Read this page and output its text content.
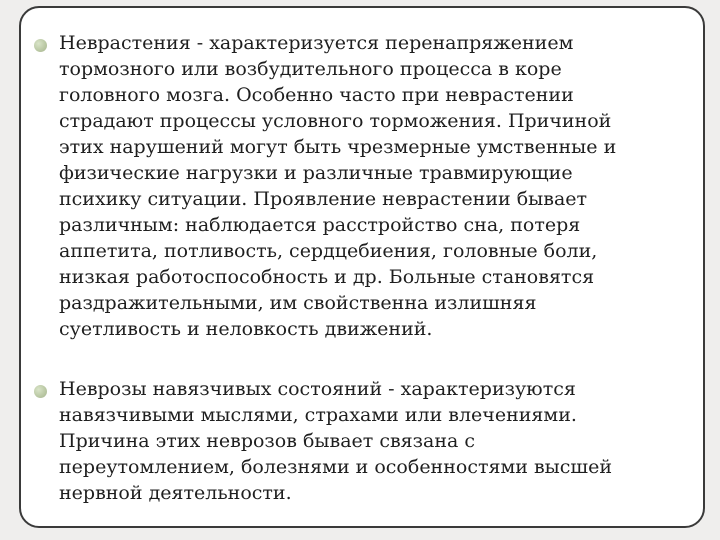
Неврастения - характеризуется перенапряжением
тормозного или возбудительного процесса в коре
головного мозга. Особенно часто при неврастении
страдают процессы условного торможения. Причиной
этих нарушений могут быть чрезмерные умственные и
физические нагрузки и различные травмирующие
психику ситуации. Проявление неврастении бывает
различным: наблюдается расстройство сна, потеря
аппетита, потливость, сердцебиения, головные боли,
низкая работоспособность и др. Больные становятся
раздражительными, им свойственна излишняя
суетливость и неловкость движений.
Неврозы навязчивых состояний - характеризуются
навязчивыми мыслями, страхами или влечениями.
Причина этих неврозов бывает связана с
переутомлением, болезнями и особенностями высшей
нервной деятельности.
